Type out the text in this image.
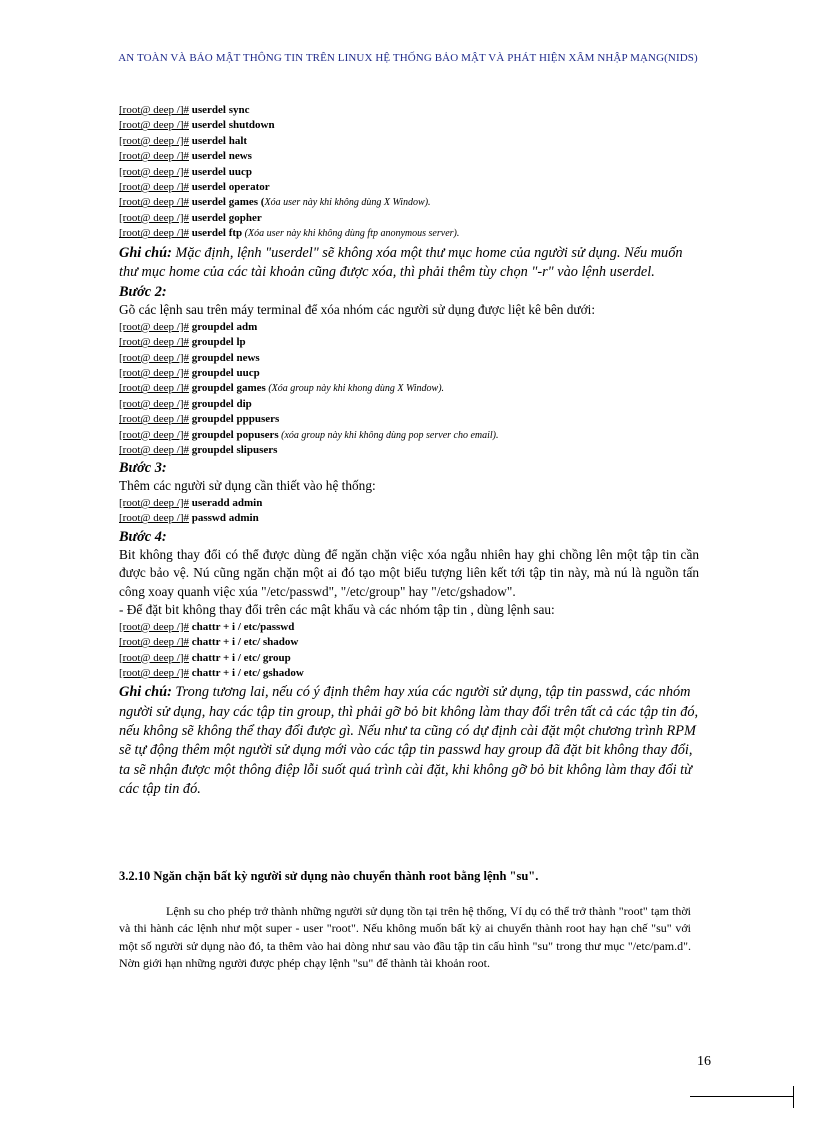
AN TOÀN VÀ BẢO MẬT THÔNG TIN TRÊN LINUX HỆ THỐNG BẢO MẬT VÀ PHÁT HIỆN XÂM NHẬP MẠNG(NIDS)
[root@ deep /]# userdel sync
[root@ deep /]# userdel shutdown
[root@ deep /]# userdel halt
[root@ deep /]# userdel news
[root@ deep /]# userdel uucp
[root@ deep /]# userdel operator
[root@ deep /]# userdel games (Xóa user này khi không dùng X Window).
[root@ deep /]# userdel gopher
[root@ deep /]# userdel ftp (Xóa user này khi không dùng ftp anonymous server).
Ghi chú: Mặc định, lệnh "userdel" sẽ không xóa một thư mục home của người sử dụng. Nếu muốn thư mục home của các tài khoản cũng được xóa, thì phải thêm tùy chọn "-r" vào lệnh userdel.
Bước 2:
Gõ các lệnh sau trên máy terminal để xóa nhóm các người sử dụng được liệt kê bên dưới:
[root@ deep /]# groupdel adm
[root@ deep /]# groupdel lp
[root@ deep /]# groupdel news
[root@ deep /]# groupdel uucp
[root@ deep /]# groupdel games (Xóa group này khi khong dùng X Window).
[root@ deep /]# groupdel dip
[root@ deep /]# groupdel pppusers
[root@ deep /]# groupdel popusers (xóa group này khi không dùng pop server cho email).
[root@ deep /]# groupdel slipusers
Bước 3:
Thêm các người sử dụng cần thiết vào hệ thống:
[root@ deep /]# useradd admin
[root@ deep /]# passwd admin
Bước 4:
Bit không thay đổi có thể được dùng để ngăn chặn việc xóa ngẫu nhiên hay ghi chồng lên một tập tin cần được bảo vệ. Nú cũng ngăn chặn một ai đó tạo một biểu tượng liên kết tới tập tin này, mà nú là nguồn tấn công xoay quanh việc xúa "/etc/passwd", "/etc/group" hay "/etc/gshadow".
- Để đặt bit không thay đổi trên các mật khẩu và các nhóm tập tin , dùng lệnh sau:
[root@ deep /]# chattr + i / etc/passwd
[root@ deep /]# chattr + i / etc/ shadow
[root@ deep /]# chattr + i / etc/ group
[root@ deep /]# chattr + i / etc/ gshadow
Ghi chú: Trong tương lai, nếu có ý định thêm hay xúa các người sử dụng, tập tin passwd, các nhóm người sử dụng, hay các tập tin group, thì phải gỡ bỏ bit không làm thay đổi trên tất cả các tập tin đó, nếu không sẽ không thể thay đổi được gì. Nếu như ta cũng có dự định cài đặt một chương trình RPM sẽ tự động thêm một người sử dụng mới vào các tập tin passwd hay group đã đặt bit không thay đổi, ta sẽ nhận được một thông điệp lỗi suốt quá trình cài đặt, khi không gỡ bỏ bit không làm thay đổi từ các tập tin đó.
3.2.10 Ngăn chặn bất kỳ người sử dụng nào chuyển thành root bằng lệnh "su".
Lệnh su cho phép trở thành những người sử dụng tồn tại trên hệ thống, Ví dụ có thể trở thành "root" tạm thời và thi hành các lệnh như một super - user "root". Nếu không muốn bất kỳ ai chuyển thành root hay hạn chế "su" với một số người sử dụng nào đó, ta thêm vào hai dòng như sau vào đầu tập tin cấu hình "su" trong thư mục "/etc/pam.d". Nờn giới hạn những người được phép chạy lệnh "su" để thành tài khoản root.
16
